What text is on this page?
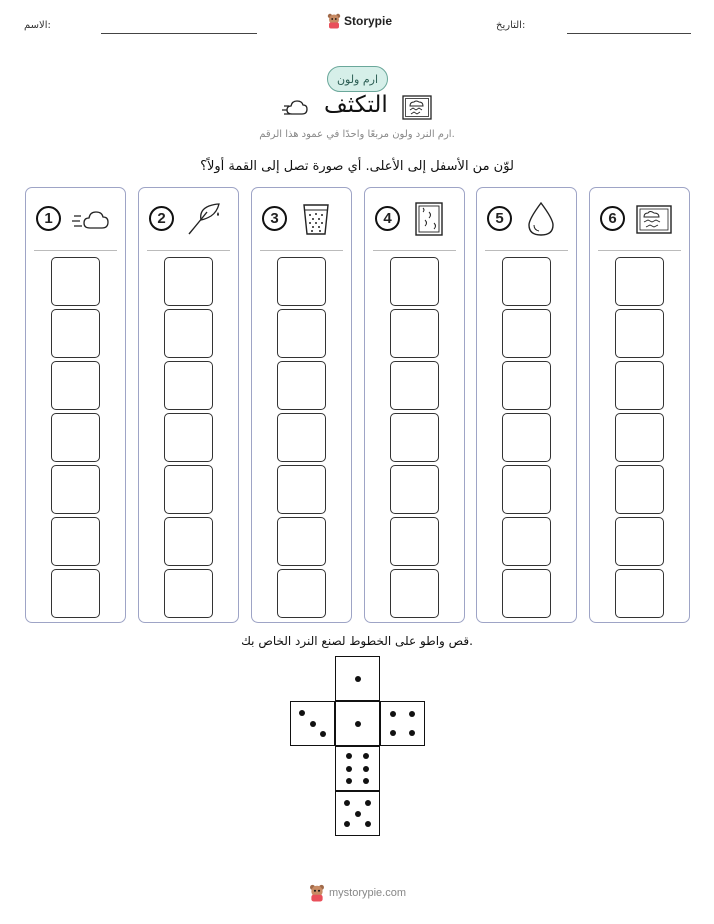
الاسم:	Storypie	التاريخ:
ارم ولون
التكثف
ارم النرد ولون مربعًا واحدًا في عمود هذا الرقم.
لوّن من الأسفل إلى الأعلى. أي صورة تصل إلى القمة أولاً؟
1	2	3	4	5	6
قص واطو على الخطوط لصنع النرد الخاص بك.
mystorypie.com
